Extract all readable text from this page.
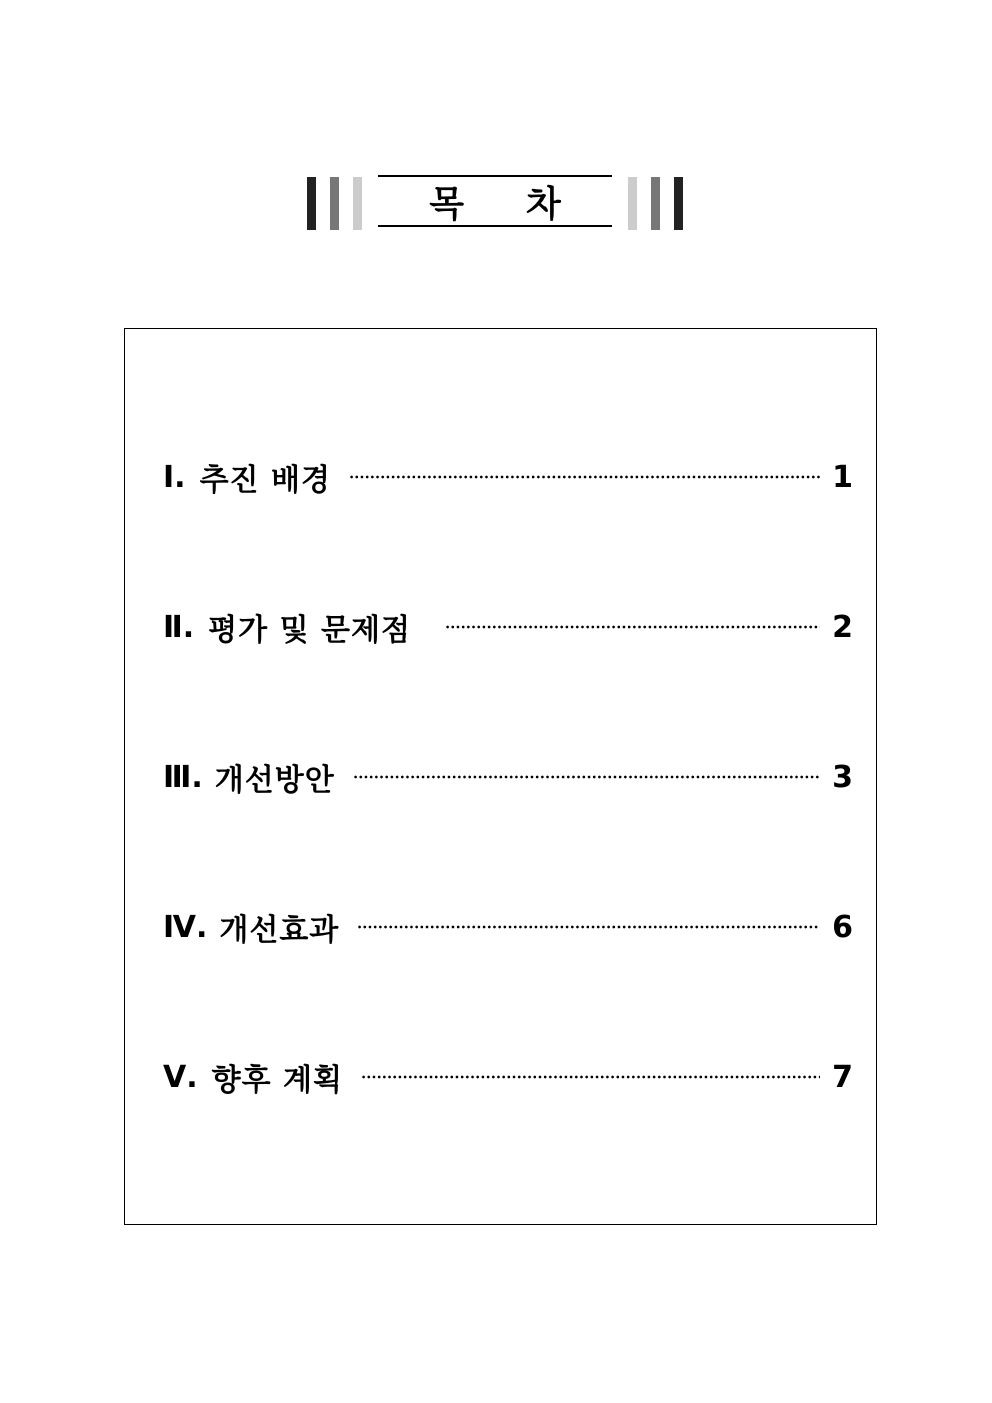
목 차
Ⅰ. 추진 배경	1
Ⅱ. 평가 및 문제점	2
Ⅲ. 개선방안	3
Ⅳ. 개선효과	6
Ⅴ. 향후 계획	7
